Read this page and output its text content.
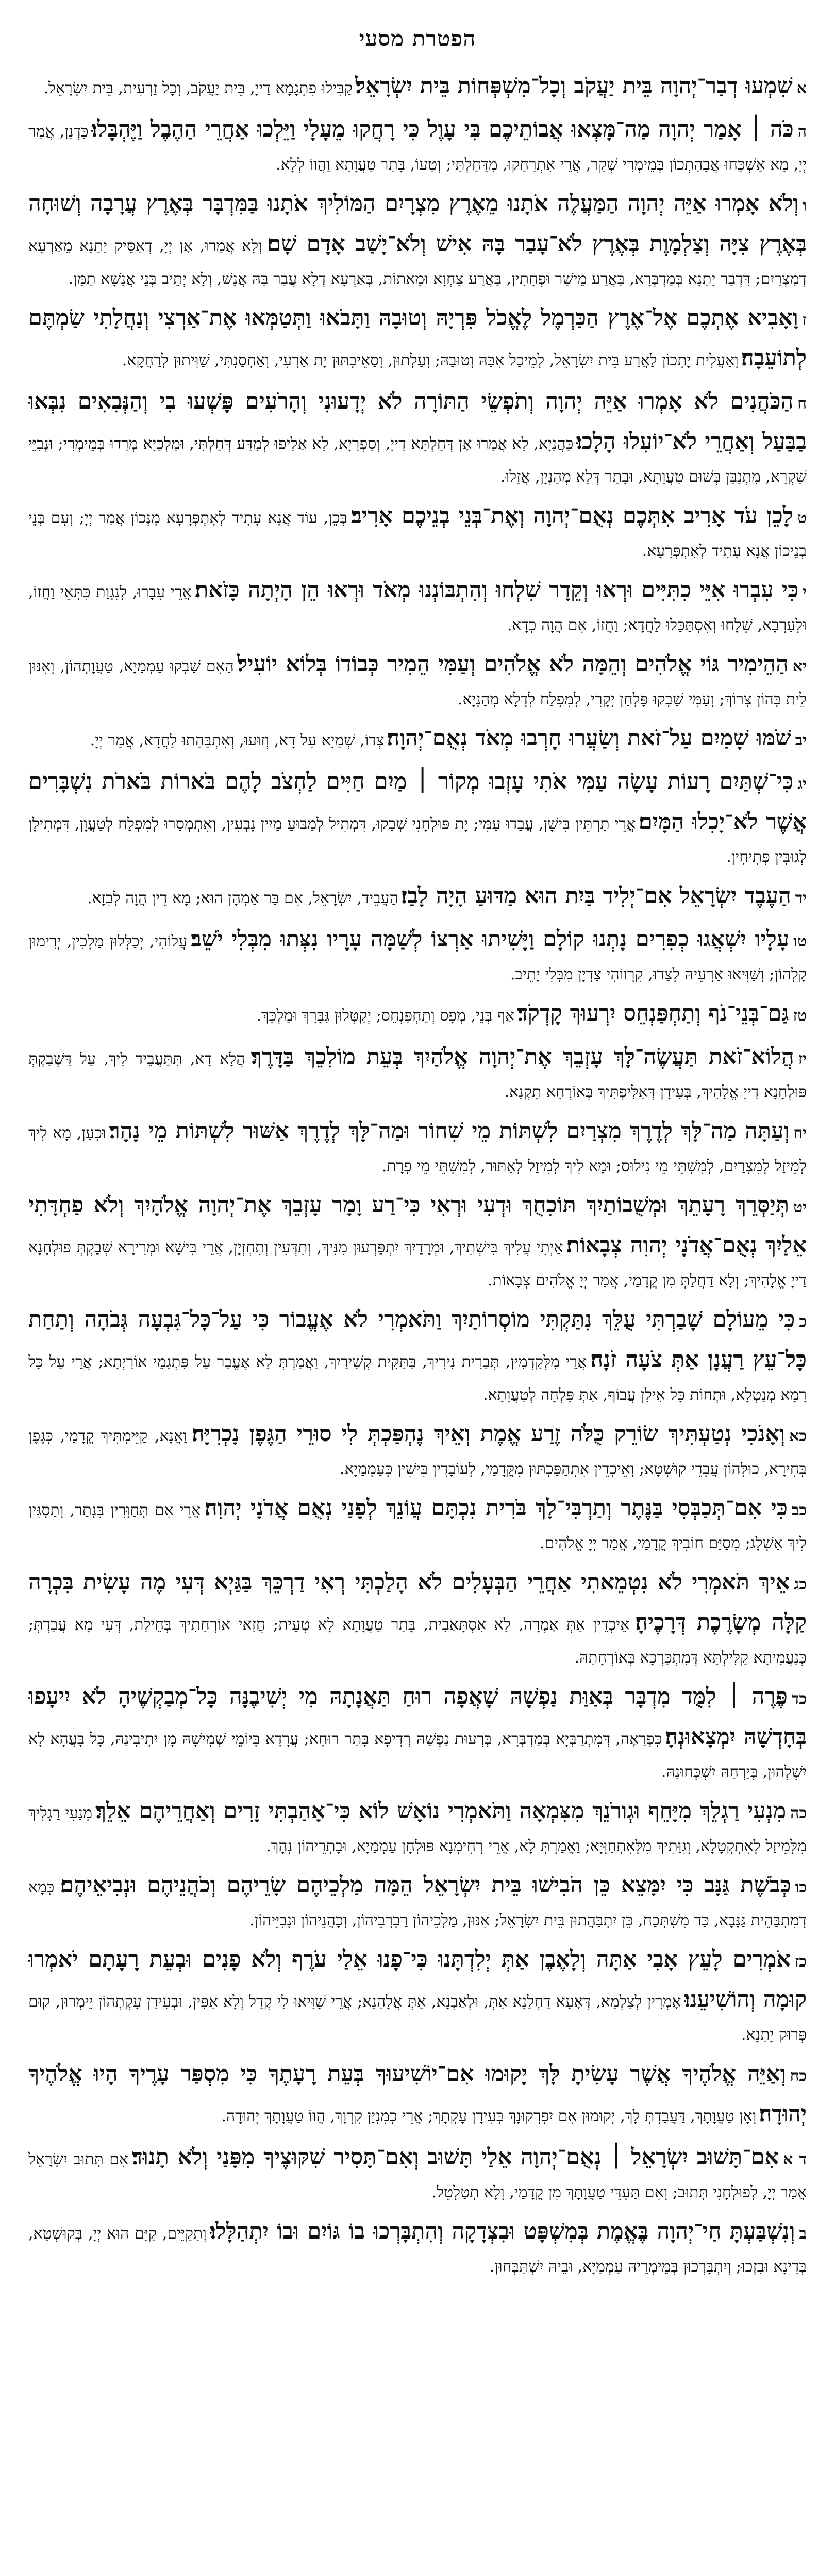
הפטרת מסעי
אשִׁמְעוּ דְבַר־יְהוָה בֵּית יַעֲקֹב וְכָל־מִשְׁפְּחוֹת בֵּית יִשְׂרָאֵל׃ קַבִּילוּ פִתְגָמָא דַייָ, בֵּית יַעֲקֹב, וְכָל זַרְעִית, בֵּית יִשְׂרָאֵל.
הכֹּה ׀ אָמַר יְהוָה מַה־מָּצְאוּ אֲבוֹתֵיכֶם בִּי עָוֶל כִּי רָחֲקוּ מֵעָלָי וַיֵּלְכוּ אַחֲרֵי הַהֶבֶל וַיֶּהְבָּלוּ׃ כִּדְנַן, אֲמַר יְיָ, מָא אַשְׁכַּחוּ אֲבָהַתְכוֹן בְּמֵימְרִי שְׁקַר, אֲרֵי אִתְרַחַקוּ, מִדַּחַלְתִּי; וְטַעוֹ, בָּתַר טַעֲוָתָא וַהֲווֹ לְלָא.
ווְלֹא אָמְרוּ אַיֵּה יְהוָה הַמַּעֲלֶה אֹתָנוּ מֵאֶרֶץ מִצְרָיִם הַמּוֹלִיךְ אֹתָנוּ בַּמִּדְבָּר בְּאֶרֶץ עֲרָבָה וְשׁוּחָה בְּאֶרֶץ צִיָּה וְצַלְמָוֶת בְּאֶרֶץ לֹא־עָבַר בָּהּ אִישׁ וְלֹא־יָשַׁב אָדָם שָׁם׃ וְלָא אֲמַרוּ, אָן יְיָ, דְאַסֵּיק יָתַנָא מֵאַרְעָא דְמִצְרַיִם; דִּדְבַר יָתַנָא בְּמַדְבְּרָא, בַּאֲרַע מֵישַׁר וּפְחָתִין, בַּאֲרַע צַחְוָא וּמָאתוֹת, בְּאַרְעָא דְלָא עֲבַר בַּהּ אֲנָשׁ, וְלָא יְתֵיב בְּנֵי אֲנָשָׁא תַמָּן.
זוָאָבִיא אֶתְכֶם אֶל־אֶרֶץ הַכַּרְמֶל לֶאֱכֹל פִּרְיָהּ וְטוּבָהּ וַתָּבֹאוּ וַתְּטַמְּאוּ אֶת־אַרְצִי וְנַחֲלָתִי שַׂמְתֶּם לְתוֹעֵבָה׃ וְאַעֲלִית יָתְכוֹן לַאֲרַע בֵּית יִשְׂרָאֵל, לְמֵיכַל אִבַּהּ וְטוּבַהּ; וְעַלְתוּן, וְסַאֵיבְתּוּן יָת אַרְעִי, וְאַחְסַנְתִּי, שַׁוִּיתוּן לְרַחֲקָא.
חהַכֹּהֲנִים לֹא אָמְרוּ אַיֵּה יְהוָה וְתֹפְשֵׂי הַתּוֹרָה לֹא יְדָעוּנִי וְהָרֹעִים פָּשְׁעוּ בִי וְהַנְּבִאִים נִבְּאוּ בַבַּעַל וְאַחֲרֵי לֹא־יוֹעִלוּ הָלָכוּ׃ כַּהֲנַיָא, לָא אֲמַרוּ אָן דְּחַלְתָּא דַייָ, וְסַפְרַיָא, לָא אַלִיפוּ לְמִדַּע דְּחַלְתִּי, וּמַלְכַיָא מְרַדוּ בְּמֵימְרִי; וּנְבִיֵּי שִׁקְרָא, מִתְנַבַּן בְּשׁוּם טַעֲוָתָא, וּבָתַר דְּלָא מְהַנְיָן, אֲזַלוּ.
טלָכֵן עֹד אָרִיב אִתְּכֶם נְאֻם־יְהוָה וְאֶת־בְּנֵי בְנֵיכֶם אָרִיב׃ בְּכֵן, עוֹד אֲנָא עָתִיד לְאִתְפְּרָעָא מִנְּכוֹן אֲמַר יְיָ; וְעִם בְּנֵי בְנֵיכוֹן אֲנָא עָתִיד לְאִתְפְּרָעָא.
יכִּי עִבְרוּ אִיֵּי כִתִּיִּים וּרְאוּ וְקֵדָר שִׁלְחוּ וְהִתְבּוֹנְנוּ מְאֹד וּרְאוּ הֵן הָיְתָה כָּזֹאת׃ אֲרֵי עִבָרוּ, לְנִגְוַת כִּתְּאֵי וַחֲזוֹ, וּלְעַרְבָא, שְׁלָחוּ וְאִסְתַּכַּלוּ לַחֲדָא; וַחֲזוֹ, אִם הֲוָה כְדָא.
יאהַהֵימִיר גּוֹי אֱלֹהִים וְהֵמָּה לֹא אֱלֹהִים וְעַמִּי הֵמִיר כְּבוֹדוֹ בְּלוֹא יוֹעִיל׃ הַאִם שַׁבְקוּ עַמְמַיָא, טַעֲוָתְהוֹן, וְאִנּוּן לֵית בְּהוֹן צְרוֹךְ; וְעַמִּי שַׁבְקוּ פָּלְחַן יְקָרִי, לְמִפְלַח לִדְלָא מְהַנְיָא.
יבשֹׁמּוּ שָׁמַיִם עַל־זֹאת וְשַׂעֲרוּ חָרְבוּ מְאֹד נְאֻם־יְהוָה׃ צְדוֹ, שְׁמַיָא עַל דָא, וְזוּעוּ, וְאִתְבַּהַתוּ לַחֲדָא, אֲמַר יְיָ.
יגכִּי־שְׁתַּיִם רָעוֹת עָשָׂה עַמִּי אֹתִי עָזְבוּ מְקוֹר ׀ מַיִם חַיִּים לַחְצֹב לָהֶם בֹּארוֹת בֹּארֹת נִשְׁבָּרִים אֲשֶׁר לֹא־יָכִלוּ הַמָּיִם׃ אֲרֵי תַרְתֵּין בִּישָׁן, עֲבַדוּ עַמִּי; יָת פּוּלְחָנִי שְׁבַקוּ, דִּמְתִיל לְמַבּוּעַ מַיִין נָבְעִין, וְאִתְמְסַרוּ לְמִפְלַח לְטַעֲוָן, דִּמְתִילָן לְגוּבִּין פְּתִיחִין.
ידהַעֶבֶד יִשְׂרָאֵל אִם־יְלִיד בַּיִת הוּא מַדּוּעַ הָיָה לָבַז׃ הַעֲבֵיד, יִשְׂרָאֵל, אִם בַּר אַמְהָן הוּא; מָא דֵין הֲוָה לְבִזָא.
טועָלָיו יִשְׁאֲגוּ כְפִרִים נָתְנוּ קוֹלָם וַיָּשִׁיתוּ אַרְצוֹ לְשַׁמָּה עָרָיו נִצְּתוּ מִבְּלִי יֹשֵׁב׃ עֲלוֹהִי, יְכַלְּלוּן מַלְכִין, יְרִימוּן קָלְהוֹן; וְשַׁוִּיאוּ אַרְעֵיהּ לְצַדוּ, קִרְווֹהִי צַדְיָן מִבְּלִי יָתֵיב.
טזגַּם־בְּנֵי־נֹף וְתַחְפַּנְחֵס יִרְעוּךְ קָדְקֹד׃ אַף בְּנֵי, מְפָס וְתַחְפַּנְחֵס; יְקַטְּלוּן גִּבָּרָךְ וּמַלְכָּךְ.
יזהֲלוֹא־זֹאת תַּעֲשֶׂה־לָּךְ עָזְבֵךְ אֶת־יְהוָה אֱלֹהַיִךְ בְּעֵת מוֹלִכֵךְ בַּדָּרֶךְ׃ הֲלָא דָא, תִּתַּעֲבֵיד לִיךְ, עַל דִּשְׁבַקְתְּ פּוּלְחָנָא דַייָ אֱלָהִיךְ, בְּעִידָן דְּאַלִּיפְתִּיךְ בְּאוֹרְחָא תָקְנָא.
יחוְעַתָּה מַה־לָּךְ לְדֶרֶךְ מִצְרַיִם לִשְׁתּוֹת מֵי שִׁחוֹר וּמַה־לָּךְ לְדֶרֶךְ אַשּׁוּר לִשְׁתּוֹת מֵי נָהָר׃ וּכְעַן, מָא לִיךְ לְמֵיזַל לְמִצְרַיִם, לְמִשְׁתֵּי מֵי נִילוּס; וּמָא לִיךְ לְמִיזַל לְאַתּוּר, לְמִשְׁתֵּי מֵי פְרָת.
יטתְּיַסְּרֵךְ רָעָתֵךְ וּמְשֻׁבוֹתַיִךְ תּוֹכִחֻךְ וּדְעִי וּרְאִי כִּי־רַע וָמָר עָזְבֵךְ אֶת־יְהוָה אֱלֹהָיִךְ וְלֹא פַחְדָּתִי אֵלַיִךְ נְאֻם־אֲדֹנָי יְהוִה צְבָאוֹת׃ אַיְתִי עֲלִיךְ בִּישְׁתִיךְ, וּמְרָדַיִךְ יִתְפַּרְעוּן מִנִּיךְ, וְתִדְּעִין וְתִחְזְיָן, אֲרֵי בִּישָׁא וּמְרִירָא שְׁבַקְתְּ פּוּלְחָנָא דַייָ אֱלָהִיךְ; וְלָא דַחֲלַתְּ מִן קֳדָמַי, אֲמַר יְיָ אֱלֹהִים צְבָאוֹת.
ככִּי מֵעוֹלָם שָׁבַרְתִּי עֻלֵּךְ נִתַּקְתִּי מוֹסְרוֹתַיִךְ וַתֹּאמְרִי לֹא אֶעֱבוֹר כִּי עַל־כָּל־גִּבְעָה גְּבֹהָה וְתַחַת כָּל־עֵץ רַעֲנָן אַתְּ צֹעָה זֹנָה׃ אֲרֵי מִלְּקַדְמִין, תְּבַרִית נִירִיךְ, בַּתַּקִּית קְשִׁירַיִךְ, וַאֲמַרְתְּ לָא אֶעֱבַר עַל פִּתְגָמֵי אוֹרַיְתָא; אֲרֵי עַל כָּל רָמָא מְנַטְלָא, וּתְחוֹת כָּל אִילָן עֲבוֹף, אַתְּ פָּלְחָה לְטַעֲוָתָא.
כאוְאָנֹכִי נְטַעְתִּיךְ שׂוֹרֵק כֻּלֹּה זֶרַע אֱמֶת וְאֵיךְ נֶהְפַּכְתְּ לִי סוּרֵי הַגֶּפֶן נָכְרִיָּה׃ וַאֲנָא, קַיֵּימְתִּיךְ קֳדָמַי, כְּגֶפֶן בְּחִירָא, כוּלְּהוֹן עֲבְדֵי קוּשְׁטָא; וְאֵיכְדֵין אִתְהַפַּכְתּוּן מִקֳּדָמַי, לְעוֹבָדִין בִּישִׁין כְּעַמְמַיָא.
כבכִּי אִם־תְּכַבְּסִי בַּנֶּתֶר וְתַרְבִּי־לָךְ בֹּרִית נִכְתָּם עֲוֹנֵךְ לְפָנַי נְאֻם אֲדֹנָי יְהוִה׃ אֲרֵי אִם תְּחַוְּרִין בִּנְתַר, וְתַסְגִּין לִיךְ אַשְׁלָג; מְסַיַּם חוֹבִיךְ קֳדָמַי, אֲמַר יְיָ אֱלֹהִים.
כגאֵיךְ תֹּאמְרִי לֹא נִטְמֵאתִי אַחֲרֵי הַבְּעָלִים לֹא הָלַכְתִּי רְאִי דַרְכֵּךְ בַּגַּיְא דְּעִי מֶה עָשִׂית בִּכְרָה קַלָּה מְשָׂרֶכֶת דְּרָכֶיהָ׃ אֵיכְדֵין אַתְּ אָמְרָה, לָא אִסְתָּאַבִית, בָּתַר טַעֲוָתָא לָא טְעֵית; חֲזַאי אוֹרְחָתִיךְ בְּחֵילַת, דְּעִי מָא עֲבַדְתְּ; כְּנַעֲמִיתָא קַלִּילְתָּא דְּמִתְכַּרְכָא בְּאוֹרְחָתַהּ.
כדפֶּרֶה ׀ לִמֻּד מִדְבָּר בְּאַוַּת נַפְשָׁהּ שָׁאֲפָה רוּחַ תַּאֲנָתָהּ מִי יְשִׁיבֶנָּה כָּל־מְבַקְשֶׁיהָ לֹא יִיעָפוּ בְּחָדְשָׁהּ יִמְצָאוּנְהָ׃ כִּפְרַאָה, דְּמִתְרַבְּיָא בְּמַדְבְּרָא, בְּרְעוּת נַפְשַׁהּ רְדִיפָא בָּתַר רוּחָא; עֲרָדָא בִּיוֹמֵי שְׁמִישָׁהּ מָן יִתִיבִינַהּ, כָּל בָּעֲהָא לָא יִשְׁלְהוּן, בְּיַרְחַהּ יִשְׁכְּחוּנַהּ.
כהמִנְעִי רַגְלֵךְ מִיָּחֵף וּגְורֹנֵךְ מִצִּמְאָה וַתֹּאמְרִי נוֹאָשׁ לוֹא כִּי־אָהַבְתִּי זָרִים וְאַחֲרֵיהֶם אֵלֵךְ׃ מְנַעִי רַגְלִיךְ מִלְּמֵיזַל לְאִתְקְטָלָא, וְגִוַּתִיךְ מִלְּאִתְחַוְּיָא; וַאֲמַרְתְּ לָא, אֲרֵי רְחִימְנָא פּוּלְחָן עַמְמַיָא, וּבָתְרֵיהוֹן נְהָךְ.
כוכְּבֹשֶׁת גַּנָּב כִּי יִמָּצֵא כֵּן הֹבִישׁוּ בֵּית יִשְׂרָאֵל הֵמָּה מַלְכֵיהֶם שָׂרֵיהֶם וְכֹהֲנֵיהֶם וּנְבִיאֵיהֶם׃ כְּמָא דְמִתְבַּהֵית גַּנָּבָא, כַּד מִשְׁתְּכַח, כֵּן יִתְבַּהֲתוּן בֵּית יִשְׂרָאֵל; אִנּוּן, מַלְכֵיהוֹן רַבְרְבֵיהוֹן, וְכָהֲנֵיהוֹן וּנְבִיֵּיהוֹן.
כזאֹמְרִים לָעֵץ אָבִי אַתָּה וְלָאֶבֶן אַתְּ יְלִדְתָּנוּ כִּי־פָנוּ אֵלַי עֹרֶף וְלֹא פָנִים וּבְעֵת רָעָתָם יֹאמְרוּ קוּמָה וְהוֹשִׁיעֵנוּ׃ אָמְרִין לְצַלְמָא, דְּאָעָא דַחְלַנָא אַתְּ, וּלְאַבְנָא, אַתְּ אֲלָהַנָא; אֲרֵי שָׁוִּיאוּ לִי קְדַל וְלָא אַפִּין, וּבְעִידַן עָקְתְהוֹן יֵימְרוּן, קוּם פְּרוּק יָתַנָא.
כחוְאַיֵּה אֱלֹהֶיךָ אֲשֶׁר עָשִׂיתָ לָּךְ יָקוּמוּ אִם־יוֹשִׁיעוּךָ בְּעֵת רָעָתֶךָ כִּי מִסְפַּר עָרֶיךָ הָיוּ אֱלֹהֶיךָ יְהוּדָה׃ וְאָן טַעֲוָתָךְ, דַּעֲבַדְתְּ לָךְ, יְקוּמוּן אִם יִפְרְקוּנָךְ בְּעִידָן עָקְתָךְ; אֲרֵי כְמִנְיַן קִרְוָךְ, הֲווֹ טַעֲוָתָךְ יְהוּדָה.
ד אאִם־תָּשׁוּב יִשְׂרָאֵל ׀ נְאֻם־יְהוָה אֵלַי תָּשׁוּב וְאִם־תָּסִיר שִׁקּוּצֶיךָ מִפָּנַי וְלֹא תָנוּד׃ אִם תְּתוּב יִשְׂרָאֵל אֲמַר יְיָ, לְפוּלְחָנִי תְּתוּב; וְאִם תַּעְדֵּי טַעֲוָתָךְ מִן קֳדָמַי, וְלָא תְטַלְטֵל.
בוְנִשְׁבַּעְתָּ חַי־יְהוָה בֶּאֱמֶת בְּמִשְׁפָּט וּבִצְדָקָה וְהִתְבָּרְכוּ בוֹ גּוֹיִם וּבוֹ יִתְהַלָּלוּ׃ וְתִקַיֵּים, קַיָּם הוּא יְיָ, בְּקוּשְׁטָא, בְּדִינָא וּבִזְכוּ; וְיִתְבָּרְכוּן בְּמֵימְרֵיהּ עַמְמַיָא, וּבֵיהּ יִשְׁתַּבְּחוּן.
